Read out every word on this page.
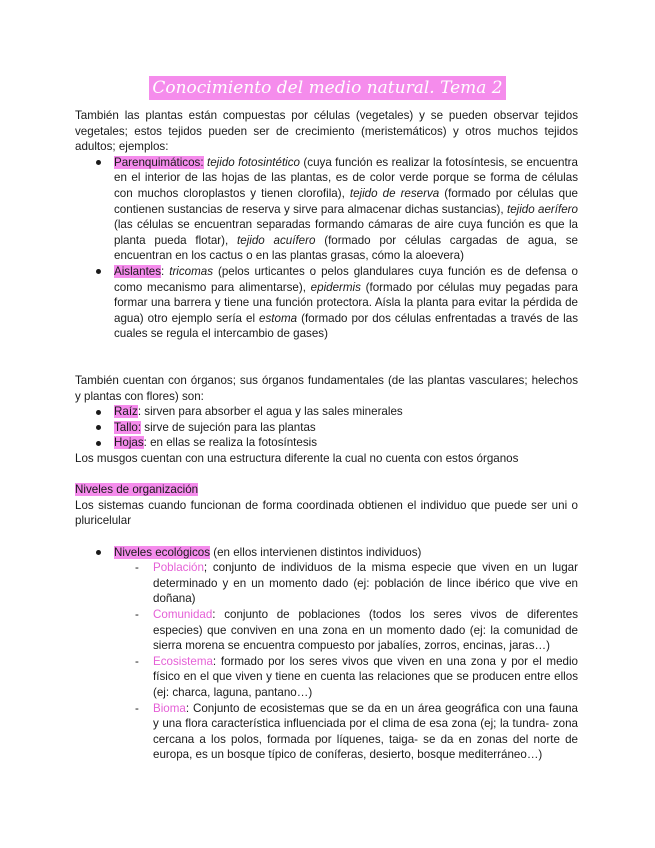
Conocimiento del medio natural. Tema 2

También las plantas están compuestas por células (vegetales) y se pueden observar tejidos vegetales; estos tejidos pueden ser de crecimiento (meristemáticos) y otros muchos tejidos adultos; ejemplos:

Parenquimáticos: tejido fotosintético (cuya función es realizar la fotosíntesis, se encuentra en el interior de las hojas de las plantas, es de color verde porque se forma de células con muchos cloroplastos y tienen clorofila), tejido de reserva (formado por células que contienen sustancias de reserva y sirve para almacenar dichas sustancias), tejido aerífero (las células se encuentran separadas formando cámaras de aire cuya función es que la planta pueda flotar), tejido acuífero (formado por células cargadas de agua, se encuentran en los cactus o en las plantas grasas, cómo la aloevera)
Aislantes: tricomas (pelos urticantes o pelos glandulares cuya función es de defensa o como mecanismo para alimentarse), epidermis (formado por células muy pegadas para formar una barrera y tiene una función protectora. Aísla la planta para evitar la pérdida de agua) otro ejemplo sería el estoma (formado por dos células enfrentadas a través de las cuales se regula el intercambio de gases)

También cuentan con órganos; sus órganos fundamentales (de las plantas vasculares; helechos y plantas con flores) son:

Raíz: sirven para absorber el agua y las sales minerales
Tallo: sirve de sujeción para las plantas
Hojas: en ellas se realiza la fotosíntesis

Los musgos cuentan con una estructura diferente la cual no cuenta con estos órganos

Niveles de organización

Los sistemas cuando funcionan de forma coordinada obtienen el individuo que puede ser uni o pluricelular

Niveles ecológicos (en ellos intervienen distintos individuos)
- Población; conjunto de individuos de la misma especie que viven en un lugar determinado y en un momento dado (ej: población de lince ibérico que vive en doñana)
- Comunidad: conjunto de poblaciones (todos los seres vivos de diferentes especies) que conviven en una zona en un momento dado (ej: la comunidad de sierra morena se encuentra compuesto por jabalíes, zorros, encinas, jaras…)
- Ecosistema: formado por los seres vivos que viven en una zona y por el medio físico en el que viven y tiene en cuenta las relaciones que se producen entre ellos (ej: charca, laguna, pantano…)
- Bioma: Conjunto de ecosistemas que se da en un área geográfica con una fauna y una flora característica influenciada por el clima de esa zona (ej; la tundra- zona cercana a los polos, formada por líquenes, taiga- se da en zonas del norte de europa, es un bosque típico de coníferas, desierto, bosque mediterráneo…)
